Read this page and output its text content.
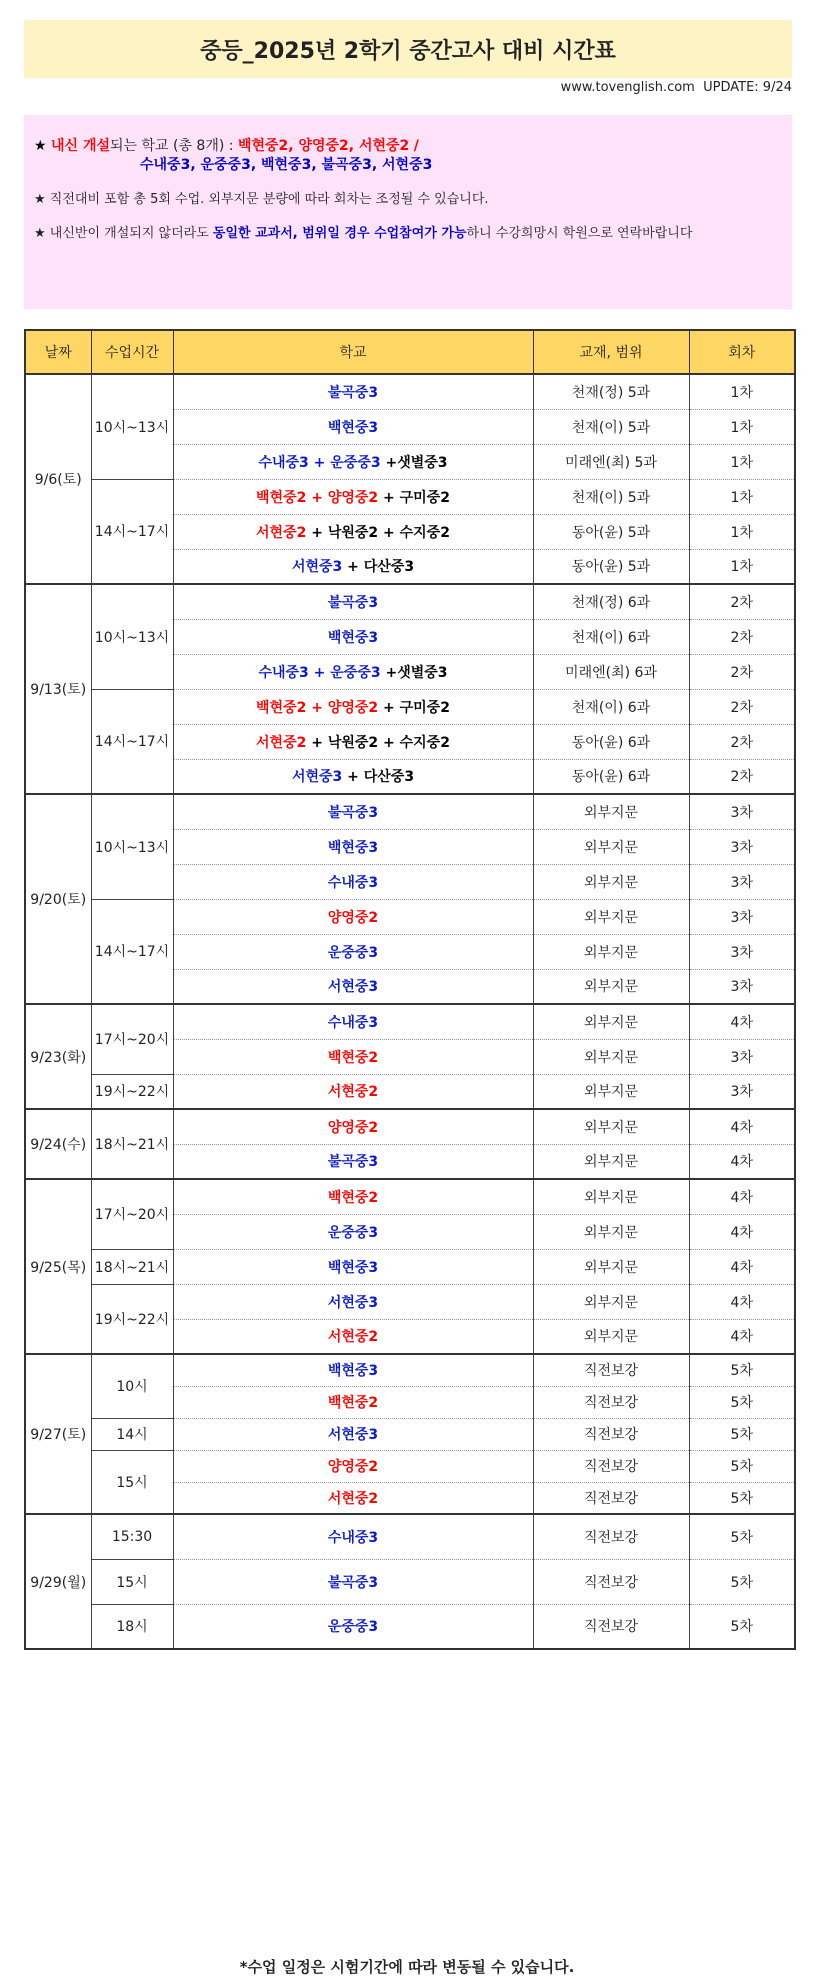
중등_2025년 2학기 중간고사 대비 시간표
www.tovenglish.com UPDATE: 9/24
★ 내신 개설되는 학교 (총 8개) : 백현중2, 양영중2, 서현중2 /
수내중3, 운중중3, 백현중3, 불곡중3, 서현중3
★ 직전대비 포함 총 5회 수업. 외부지문 분량에 따라 회차는 조정될 수 있습니다.
★ 내신반이 개설되지 않더라도 동일한 교과서, 범위일 경우 수업참여가 가능하니 수강희망시 학원으로 연락바랍니다
날짜	수업시간	학교	교재, 범위	회차
9/6(토)	10시~13시	불곡중3	천재(정) 5과	1차
		백현중3	천재(이) 5과	1차
		수내중3 + 운중중3 +샛별중3	미래엔(최) 5과	1차
	14시~17시	백현중2 + 양영중2 + 구미중2	천재(이) 5과	1차
		서현중2 + 낙원중2 + 수지중2	동아(윤) 5과	1차
		서현중3 + 다산중3	동아(윤) 5과	1차
9/13(토)	10시~13시	불곡중3	천재(정) 6과	2차
		백현중3	천재(이) 6과	2차
		수내중3 + 운중중3 +샛별중3	미래엔(최) 6과	2차
	14시~17시	백현중2 + 양영중2 + 구미중2	천재(이) 6과	2차
		서현중2 + 낙원중2 + 수지중2	동아(윤) 6과	2차
		서현중3 + 다산중3	동아(윤) 6과	2차
9/20(토)	10시~13시	불곡중3	외부지문	3차
		백현중3	외부지문	3차
		수내중3	외부지문	3차
	14시~17시	양영중2	외부지문	3차
		운중중3	외부지문	3차
		서현중3	외부지문	3차
9/23(화)	17시~20시	수내중3	외부지문	4차
		백현중2	외부지문	3차
	19시~22시	서현중2	외부지문	3차
9/24(수)	18시~21시	양영중2	외부지문	4차
		불곡중3	외부지문	4차
9/25(목)	17시~20시	백현중2	외부지문	4차
		운중중3	외부지문	4차
	18시~21시	백현중3	외부지문	4차
	19시~22시	서현중3	외부지문	4차
		서현중2	외부지문	4차
9/27(토)	10시	백현중3	직전보강	5차
		백현중2	직전보강	5차
	14시	서현중3	직전보강	5차
	15시	양영중2	직전보강	5차
		서현중2	직전보강	5차
9/29(월)	15:30	수내중3	직전보강	5차
	15시	불곡중3	직전보강	5차
	18시	운중중3	직전보강	5차
*수업 일정은 시험기간에 따라 변동될 수 있습니다.
